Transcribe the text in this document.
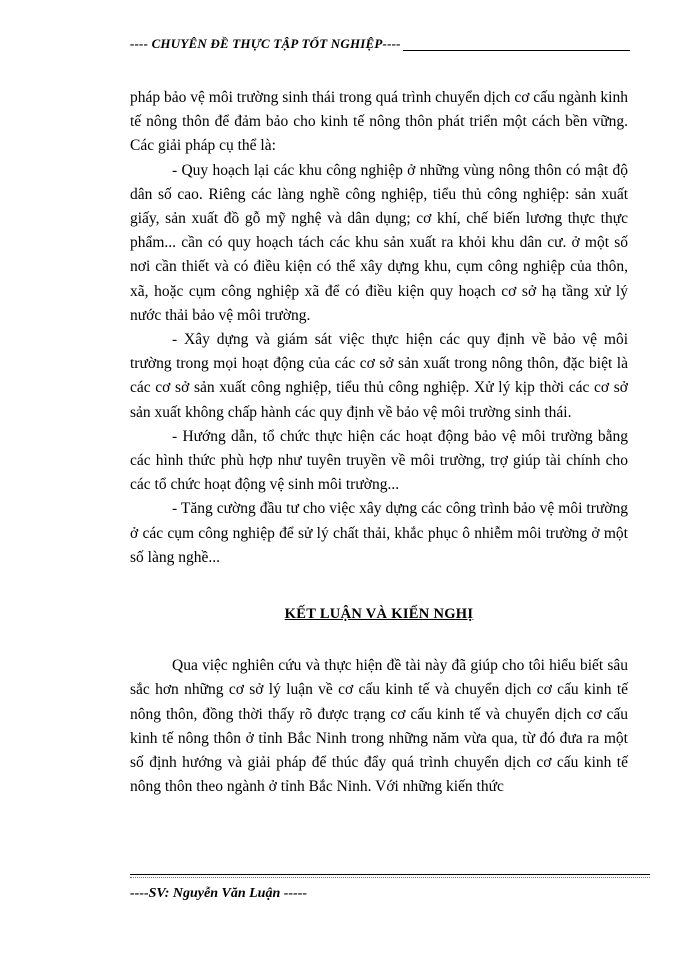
---- CHUYÊN ĐỀ THỰC TẬP TỐT NGHIỆP----

pháp bảo vệ môi trường sinh thái trong quá trình chuyển dịch cơ cấu ngành kinh tế nông thôn để đảm bảo cho kinh tế nông thôn phát triển một cách bền vững. Các giải pháp cụ thể là:

- Quy hoạch lại các khu công nghiệp ở những vùng nông thôn có mật độ dân số cao. Riêng các làng nghề công nghiệp, tiểu thủ công nghiệp: sản xuất giấy, sản xuất đồ gỗ mỹ nghệ và dân dụng; cơ khí, chế biến lương thực thực phẩm... cần có quy hoạch tách các khu sản xuất ra khỏi khu dân cư. ở một số nơi cần thiết và có điều kiện có thể xây dựng khu, cụm công nghiệp của thôn, xã, hoặc cụm công nghiệp xã để có điều kiện quy hoạch cơ sở hạ tầng xử lý nước thải bảo vệ môi trường.

- Xây dựng và giám sát việc thực hiện các quy định về bảo vệ môi trường trong mọi hoạt động của các cơ sở sản xuất trong nông thôn, đặc biệt là các cơ sở sản xuất công nghiệp, tiểu thủ công nghiệp. Xử lý kịp thời các cơ sở sản xuất không chấp hành các quy định về bảo vệ môi trường sinh thái.

- Hướng dẫn, tổ chức thực hiện các hoạt động bảo vệ môi trường bằng các hình thức phù hợp như tuyên truyền về môi trường, trợ giúp tài chính cho các tổ chức hoạt động vệ sinh môi trường...

- Tăng cường đầu tư cho việc xây dựng các công trình bảo vệ môi trường ở các cụm công nghiệp để sử lý chất thải, khắc phục ô nhiễm môi trường ở một số làng nghề...

KẾT LUẬN VÀ KIẾN NGHỊ

Qua việc nghiên cứu và thực hiện đề tài này đã giúp cho tôi hiểu biết sâu sắc hơn những cơ sở lý luận về cơ cấu kinh tế và chuyển dịch cơ cấu kinh tế nông thôn, đồng thời thấy rõ được trạng cơ cấu kinh tế và chuyển dịch cơ cấu kinh tế nông thôn ở tỉnh Bắc Ninh trong những năm vừa qua, từ đó đưa ra một số định hướng và giải pháp để thúc đẩy quá trình chuyển dịch cơ cấu kinh tế nông thôn theo ngành ở tỉnh Bắc Ninh. Với những kiến thức

----SV: Nguyễn Văn Luận -----
